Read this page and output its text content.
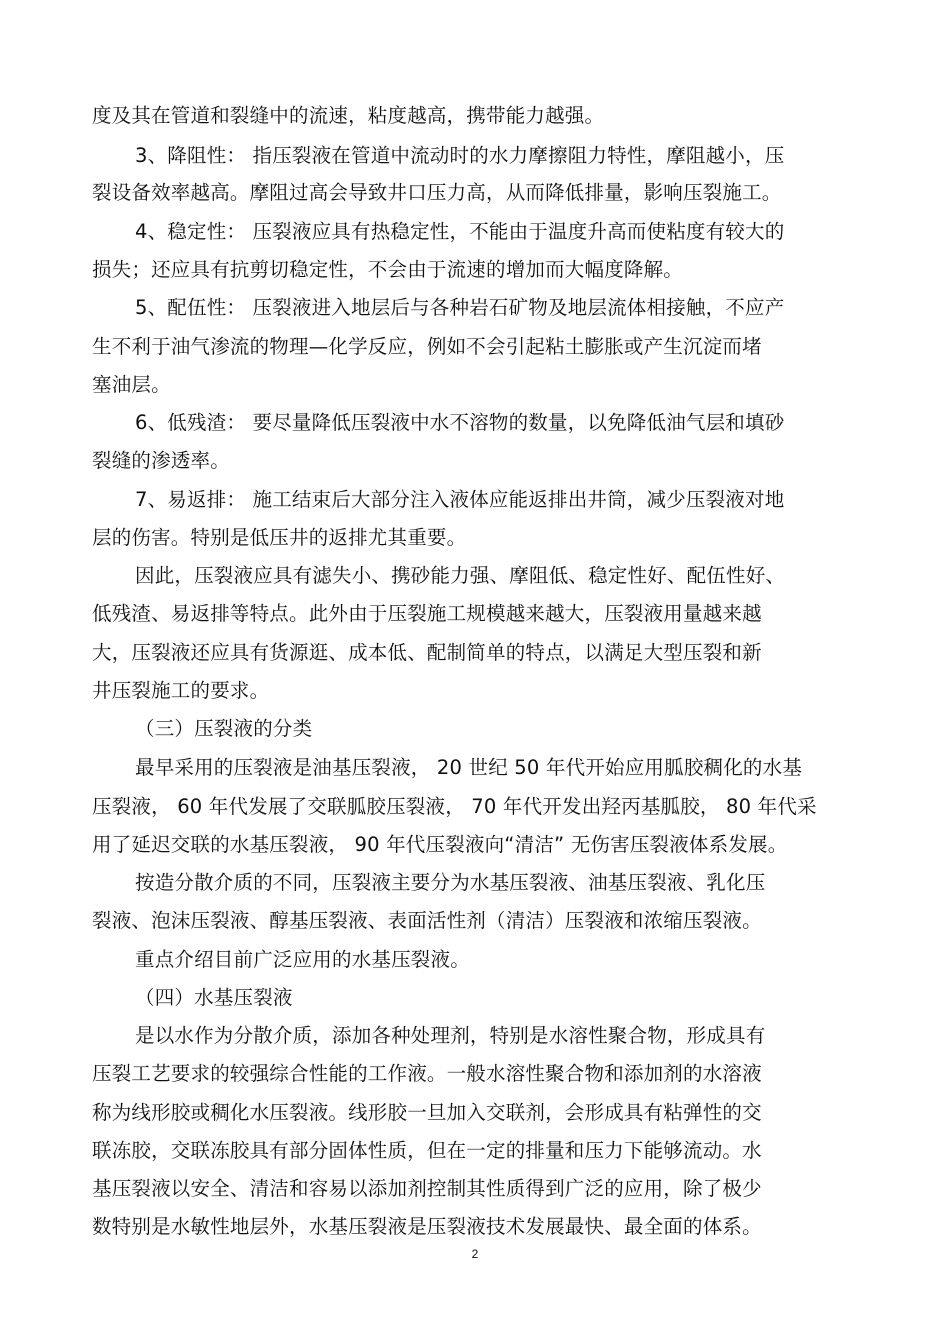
度及其在管道和裂缝中的流速，粘度越高，携带能力越强。
3、降阻性： 指压裂液在管道中流动时的水力摩擦阻力特性，摩阻越小，压
裂设备效率越高。摩阻过高会导致井口压力高，从而降低排量，影响压裂施工。
4、稳定性： 压裂液应具有热稳定性，不能由于温度升高而使粘度有较大的
损失；还应具有抗剪切稳定性，不会由于流速的增加而大幅度降解。
5、配伍性： 压裂液进入地层后与各种岩石矿物及地层流体相接触，不应产
生不利于油气渗流的物理—化学反应，例如不会引起粘土膨胀或产生沉淀而堵
塞油层。
6、低残渣： 要尽量降低压裂液中水不溶物的数量，以免降低油气层和填砂
裂缝的渗透率。
7、易返排： 施工结束后大部分注入液体应能返排出井筒，减少压裂液对地
层的伤害。特别是低压井的返排尤其重要。
因此，压裂液应具有滤失小、携砂能力强、摩阻低、稳定性好、配伍性好、
低残渣、易返排等特点。此外由于压裂施工规模越来越大，压裂液用量越来越
大，压裂液还应具有货源逛、成本低、配制简单的特点，以满足大型压裂和新
井压裂施工的要求。
（三）压裂液的分类
最早采用的压裂液是油基压裂液， 20 世纪 50 年代开始应用胍胶稠化的水基
压裂液， 60 年代发展了交联胍胶压裂液， 70 年代开发出羟丙基胍胶， 80 年代采
用了延迟交联的水基压裂液， 90 年代压裂液向“清洁” 无伤害压裂液体系发展。
按造分散介质的不同，压裂液主要分为水基压裂液、油基压裂液、乳化压
裂液、泡沫压裂液、醇基压裂液、表面活性剂（清洁）压裂液和浓缩压裂液。
重点介绍目前广泛应用的水基压裂液。
（四）水基压裂液
是以水作为分散介质，添加各种处理剂，特别是水溶性聚合物，形成具有
压裂工艺要求的较强综合性能的工作液。一般水溶性聚合物和添加剂的水溶液
称为线形胶或稠化水压裂液。线形胶一旦加入交联剂，会形成具有粘弹性的交
联冻胶，交联冻胶具有部分固体性质，但在一定的排量和压力下能够流动。水
基压裂液以安全、清洁和容易以添加剂控制其性质得到广泛的应用，除了极少
数特别是水敏性地层外，水基压裂液是压裂液技术发展最快、最全面的体系。
2
